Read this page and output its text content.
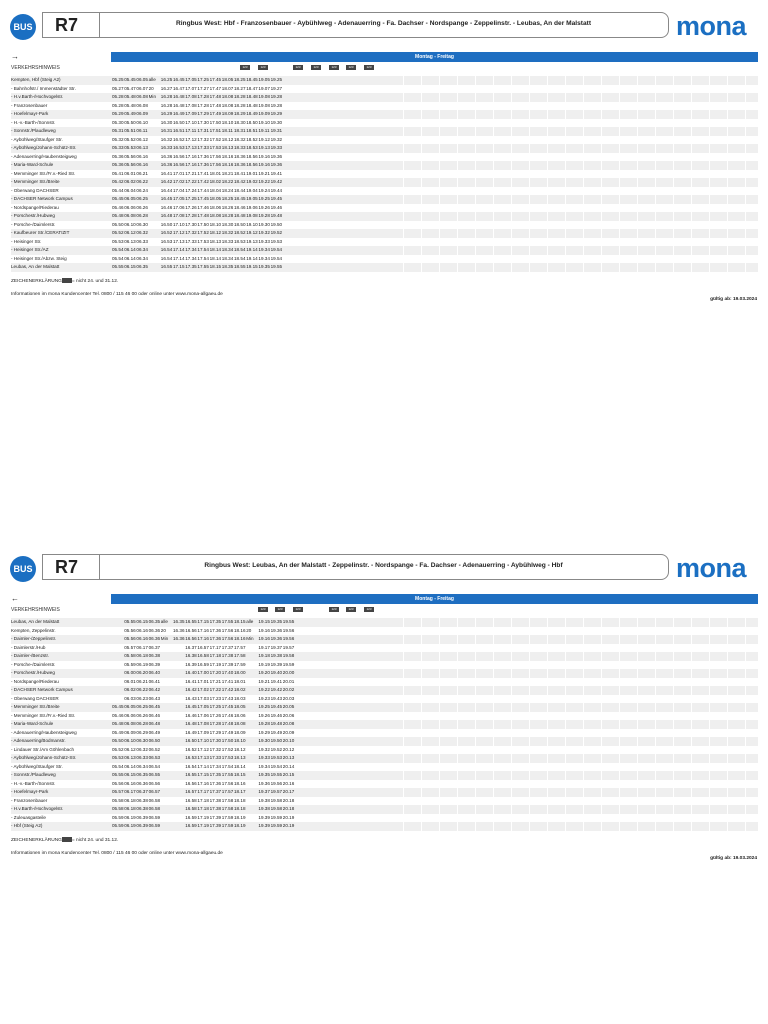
BUS R7	Ringbus West: Hbf - Franzosenbauer - Aybühlweg - Adenauerring - Fa. Dachser - Nordspange - Zeppelinstr. - Leubas, An der Malstatt	mona
→	Montag - Freitag
VERKEHRSHINWEIS	123	123	123	123	123	123	123
Kempten, Hbf (Steig A2)	05.25 05.45 06.05 alle	16.25 16.45 17.05 17.25 17.45 18.05 18.25 18.45 19.05 19.25
- Bahnhofstr./ Immenstädter Str.	05.27 05.47 06.07 20	16.27 16.47 17.07 17.27 17.47 18.07 18.27 18.47 19.07 19.27
- H.v.Barth-/Hochvogelstr.	05.28 05.48 06.08 Min	16.28 16.48 17.08 17.28 17.48 18.08 18.28 18.48 19.08 19.28
- Franzosenbauer	05.28 05.48 06.08	16.28 16.48 17.08 17.28 17.48 18.08 18.28 18.48 19.08 19.28
- Hoefelmayr-Park	05.29 05.49 06.09	16.29 16.49 17.09 17.29 17.49 18.09 18.29 18.49 19.09 19.29
- H.-v.-Barth-/Sonnstr.	05.30 05.50 06.10	16.30 16.50 17.10 17.30 17.50 18.10 18.30 18.50 19.10 19.30
- Sonnstr./Plaudleweg	05.31 05.51 06.11	16.31 16.51 17.11 17.31 17.51 18.11 18.31 18.51 19.11 19.31
- Aybühlweg/Staufger Str.	05.32 05.52 06.12	16.32 16.52 17.12 17.32 17.52 18.12 18.32 18.52 19.12 19.32
- Aybühlweg/Johann-Schütz-Str.	05.33 05.53 06.13	16.33 16.53 17.13 17.33 17.53 18.13 18.33 18.53 19.13 19.33
- Adenauerring/Haubensteigweg	05.36 05.56 06.16	16.36 16.56 17.16 17.36 17.56 18.16 18.36 18.56 19.16 19.36
- Maria-Ward-Schule	05.36 05.56 06.16	16.36 16.56 17.16 17.36 17.56 18.16 18.36 18.56 19.16 19.36
- Memminger Str./Fr.v.-Ried Str.	05.41 06.01 06.21	16.41 17.01 17.21 17.41 18.01 18.21 18.41 19.01 19.21 19.41
- Memminger Str./Breite	05.42 06.02 06.22	16.42 17.02 17.22 17.42 18.02 18.22 18.42 19.02 19.22 19.42
- Oberwang DACHSER	05.44 06.04 06.24	16.44 17.04 17.24 17.44 18.04 18.24 18.44 19.04 19.24 19.44
- DACHSER Network Campus	05.45 06.05 06.25	16.45 17.05 17.25 17.45 18.05 18.25 18.45 19.05 19.25 19.45
- Nordspange/Riederau	05.46 06.06 06.26	16.46 17.06 17.26 17.46 18.06 18.26 18.46 19.06 19.26 19.46
- Porschestr./Hubweg	05.48 06.08 06.28	16.48 17.08 17.28 17.48 18.08 18.28 18.48 19.08 19.28 19.48
- Porsche-/Daimlerstr.	05.50 06.10 06.30	16.50 17.10 17.30 17.50 18.10 18.30 18.50 19.10 19.30 19.50
- Kaufbeurer Str./CERATIZIT	05.52 06.12 06.32	16.52 17.12 17.32 17.52 18.12 18.32 18.52 19.12 19.32 19.52
- Heisinger Str.	05.53 06.13 06.33	16.53 17.13 17.33 17.53 18.13 18.33 18.53 19.13 19.33 19.53
- Heisinger Str./AZ	05.54 06.14 06.34	16.54 17.14 17.34 17.54 18.14 18.34 18.54 19.14 19.34 19.54
- Heisinger Str./Abzw. Steig	05.54 06.14 06.34	16.54 17.14 17.34 17.54 18.14 18.34 18.54 19.14 19.34 19.54
Leubas, An der Malstatt	05.55 06.15 06.35	16.55 17.15 17.35 17.55 18.15 18.35 18.55 19.15 19.35 19.55
ZEICHENERKLÄRUNG = nicht 24. und 31.12.
Informationen im mona Kundencenter Tel. 0800 / 115 46 00 oder online unter www.mona-allgaeu.de
gültig ab: 19.03.2024
BUS R7	Ringbus West: Leubas, An der Malstatt - Zeppelinstr. - Nordspange - Fa. Dachser - Adenauerring - Aybühlweg - Hbf	mona
←	Montag - Freitag
VERKEHRSHINWEIS	123	123	123	123	123	123
Leubas, An der Malstatt	05.55 06.15 06.35 alle	16.35 16.55 17.15 17.35 17.55 18.15 alle	19.15 19.35 19.55
Kempten, Zeppelinstr.	05.56 06.16 06.36 20	16.36 16.56 17.16 17.36 17.56 18.16 20	19.16 19.36 19.56
- Daimler-/Zeppelinstr.	05.56 06.16 06.36 Min	16.36 16.56 17.16 17.36 17.56 18.16 Min	19.16 19.36 19.56
- Daimlerstr./Hub	05.57 06.17 06.37	16.37 16.57 17.17 17.37 17.57	19.17 19.37 19.57
- Daimler-/Benzstr.	05.58 06.18 06.38	16.38 16.58 17.18 17.38 17.58	19.18 19.38 19.58
- Porsche-/Daimlerstr.	05.59 06.19 06.39	16.39 16.59 17.19 17.39 17.59	19.19 19.39 19.59
- Porschestr./Hubweg	06.00 06.20 06.40	16.40 17.00 17.20 17.40 18.00	19.20 19.40 20.00
- Nordspange/Riederau	06.01 06.21 06.41	16.41 17.01 17.21 17.41 18.01	19.21 19.41 20.01
- DACHSER Network Campus	06.02 06.22 06.42	16.42 17.02 17.22 17.42 18.02	19.22 19.42 20.02
- Oberwang DACHSER	06.03 06.23 06.43	16.43 17.03 17.23 17.43 18.03	19.23 19.43 20.03
- Memminger Str./Breite	05.45 06.05 06.25 06.45	16.45 17.05 17.25 17.45 18.05	19.25 19.45 20.05
- Memminger Str./Fr.v.-Ried Str.	05.46 06.06 06.26 06.46	16.46 17.06 17.26 17.46 18.06	19.26 19.46 20.06
- Maria-Ward-Schule	05.48 06.08 06.28 06.48	16.48 17.08 17.28 17.48 18.08	19.28 19.48 20.08
- Adenauerring/Haubensteigweg	05.49 06.09 06.29 06.49	16.49 17.09 17.29 17.49 18.09	19.29 19.49 20.09
- Adenauerring/Bodmanstr.	05.50 06.10 06.30 06.50	16.50 17.10 17.30 17.50 18.10	19.30 19.50 20.10
- Lindauer Str./Am Göhlenbach	05.52 06.12 06.32 06.52	16.52 17.12 17.32 17.52 18.12	19.32 19.52 20.12
- Aybühlweg/Johann-Schütz-Str.	05.53 06.13 06.33 06.53	16.53 17.13 17.33 17.53 18.13	19.33 19.53 20.13
- Aybühlweg/Staufger Str.	05.54 06.14 06.34 06.54	16.54 17.14 17.34 17.54 18.14	19.34 19.54 20.14
- Sonnstr./Plaudleweg	05.55 06.15 06.35 06.55	16.55 17.15 17.35 17.55 18.15	19.35 19.55 20.15
- H.-v.-Barth-/Sonnstr.	05.56 06.16 06.36 06.56	16.56 17.16 17.36 17.56 18.16	19.36 19.56 20.16
- Hoefelmayr-Park	05.57 06.17 06.37 06.57	16.57 17.17 17.37 17.57 18.17	19.37 19.57 20.17
- Franzosenbauer	05.58 06.18 06.38 06.58	16.58 17.18 17.38 17.58 18.18	19.38 19.58 20.18
- H.v.Barth-/Hochvogelstr.	05.58 06.18 06.38 06.58	16.58 17.18 17.38 17.58 18.18	19.38 19.58 20.18
- Zuleuasgasteile	05.59 06.19 06.39 06.59	16.59 17.19 17.39 17.59 18.19	19.39 19.59 20.19
- Hbf (Steig A2)	05.59 06.19 06.39 06.59	16.59 17.19 17.39 17.59 18.19	19.39 19.59 20.19
ZEICHENERKLÄRUNG = nicht 24. und 31.12.
Informationen im mona Kundencenter Tel. 0800 / 115 46 00 oder online unter www.mona-allgaeu.de
gültig ab: 19.03.2024
